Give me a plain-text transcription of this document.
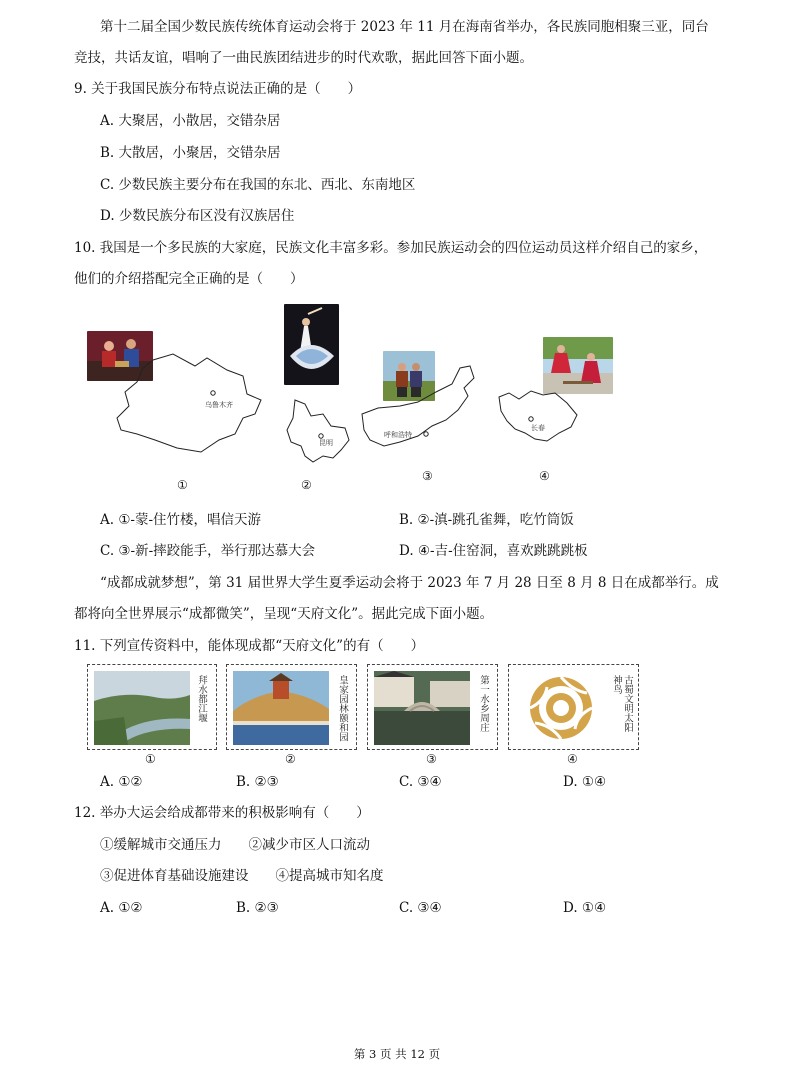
第十二届全国少数民族传统体育运动会将于 2023 年 11 月在海南省举办，各民族同胞相聚三亚，同台
竞技，共话友谊，唱响了一曲民族团结进步的时代欢歌，据此回答下面小题。
9. 关于我国民族分布特点说法正确的是（　　）
A. 大聚居，小散居，交错杂居
B. 大散居，小聚居，交错杂居
C. 少数民族主要分布在我国的东北、西北、东南地区
D. 少数民族分布区没有汉族居住
10. 我国是一个多民族的大家庭，民族文化丰富多彩。参加民族运动会的四位运动员这样介绍自己的家乡，
他们的介绍搭配完全正确的是（　　）
乌鲁木齐
昆明
呼和浩特
长春
①	②
③	④
A. ①-蒙-住竹楼，唱信天游	B. ②-滇-跳孔雀舞，吃竹筒饭
C. ③-新-摔跤能手，举行那达慕大会	D. ④-吉-住窑洞，喜欢跳跳跳板
“成都成就梦想”，第 31 届世界大学生夏季运动会将于 2023 年 7 月 28 日至 8 月 8 日在成都举行。成
都将向全世界展示“成都微笑”，呈现“天府文化”。据此完成下面小题。
11. 下列宣传资料中，能体现成都“天府文化”的有（　　）
拜水都江堰	皇家园林颐和园	第一水乡周庄	古蜀文明太阳神鸟
①	②	③	④
A. ①②	B. ②③	C. ③④	D. ①④
12. 举办大运会给成都带来的积极影响有（　　）
①缓解城市交通压力　　②减少市区人口流动
③促进体育基础设施建设　　④提高城市知名度
A. ①②	B. ②③	C. ③④	D. ①④
第 3 页 共 12 页
